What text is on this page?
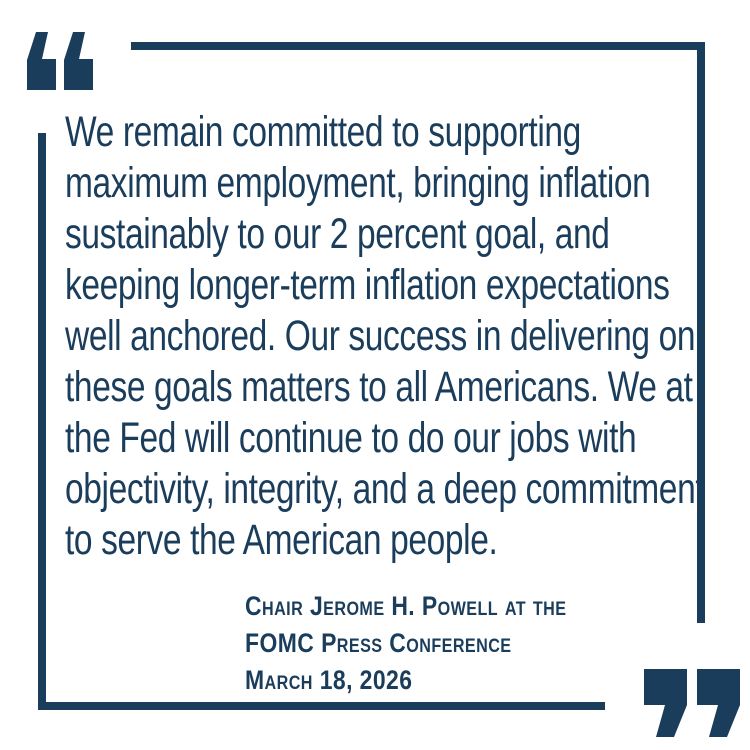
We remain committed to supporting
maximum employment, bringing inflation
sustainably to our 2 percent goal, and
keeping longer-term inflation expectations
well anchored. Our success in delivering on
these goals matters to all Americans. We at
the Fed will continue to do our jobs with
objectivity, integrity, and a deep commitment
to serve the American people.
Chair Jerome H. Powell at the
FOMC Press Conference
March 18, 2026
